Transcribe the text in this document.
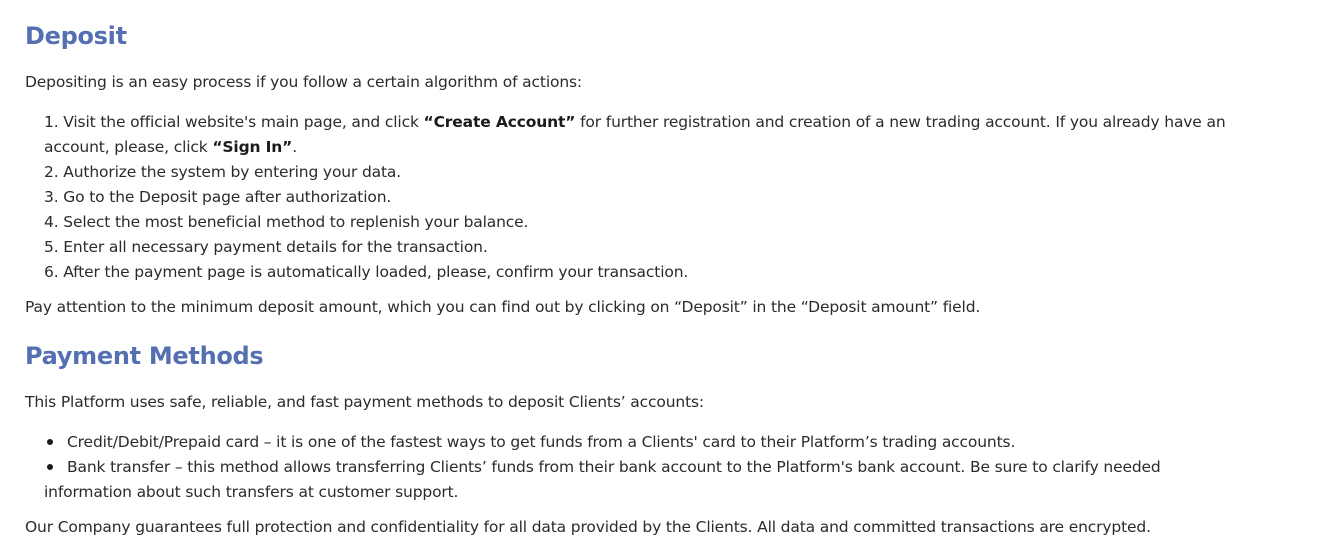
Deposit

Depositing is an easy process if you follow a certain algorithm of actions:

1. Visit the official website's main page, and click “Create Account” for further registration and creation of a new trading account. If you already have an account, please, click “Sign In”.
2. Authorize the system by entering your data.
3. Go to the Deposit page after authorization.
4. Select the most beneficial method to replenish your balance.
5. Enter all necessary payment details for the transaction.
6. After the payment page is automatically loaded, please, confirm your transaction.

Pay attention to the minimum deposit amount, which you can find out by clicking on “Deposit” in the “Deposit amount” field.

Payment Methods

This Platform uses safe, reliable, and fast payment methods to deposit Clients’ accounts:

Credit/Debit/Prepaid card – it is one of the fastest ways to get funds from a Clients' card to their Platform’s trading accounts.
Bank transfer – this method allows transferring Clients’ funds from their bank account to the Platform's bank account. Be sure to clarify needed information about such transfers at customer support.

Our Company guarantees full protection and confidentiality for all data provided by the Clients. All data and committed transactions are encrypted.
